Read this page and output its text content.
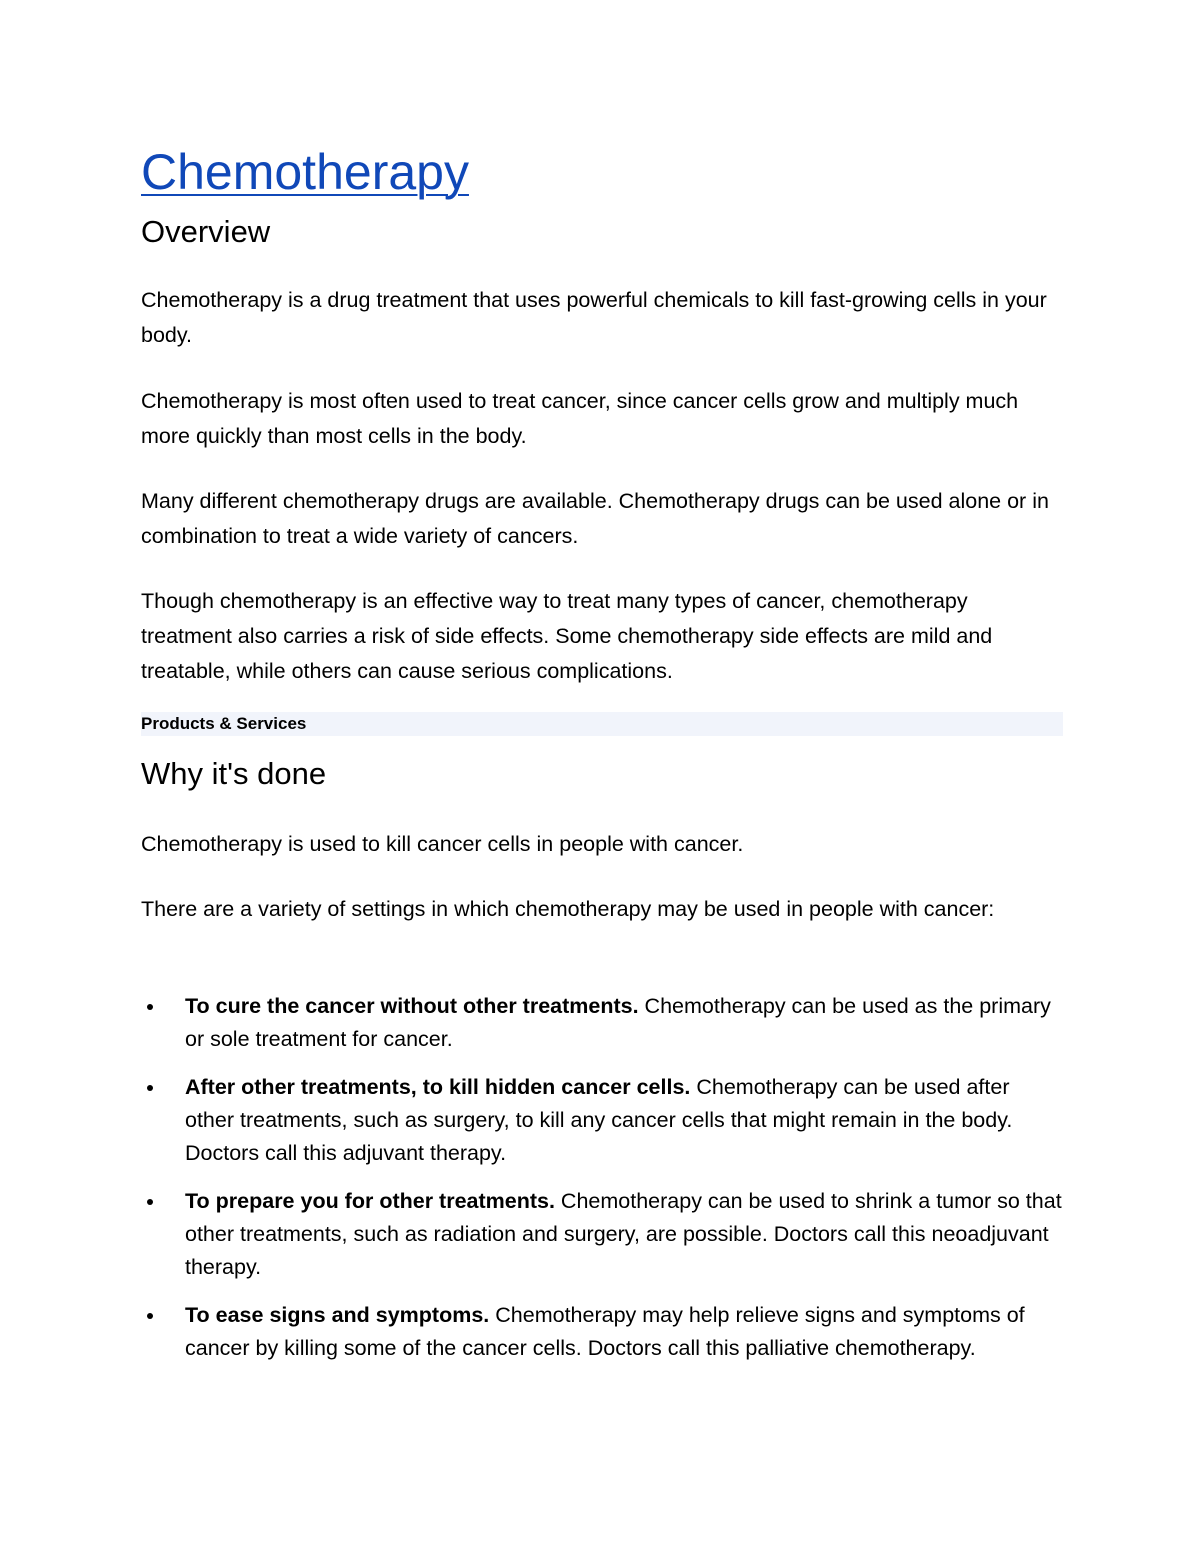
Chemotherapy
Overview

Chemotherapy is a drug treatment that uses powerful chemicals to kill fast-growing cells in your body.

Chemotherapy is most often used to treat cancer, since cancer cells grow and multiply much more quickly than most cells in the body.

Many different chemotherapy drugs are available. Chemotherapy drugs can be used alone or in combination to treat a wide variety of cancers.

Though chemotherapy is an effective way to treat many types of cancer, chemotherapy treatment also carries a risk of side effects. Some chemotherapy side effects are mild and treatable, while others can cause serious complications.

Products & Services
Why it's done

Chemotherapy is used to kill cancer cells in people with cancer.

There are a variety of settings in which chemotherapy may be used in people with cancer:

To cure the cancer without other treatments. Chemotherapy can be used as the primary or sole treatment for cancer.
After other treatments, to kill hidden cancer cells. Chemotherapy can be used after other treatments, such as surgery, to kill any cancer cells that might remain in the body. Doctors call this adjuvant therapy.
To prepare you for other treatments. Chemotherapy can be used to shrink a tumor so that other treatments, such as radiation and surgery, are possible. Doctors call this neoadjuvant therapy.
To ease signs and symptoms. Chemotherapy may help relieve signs and symptoms of cancer by killing some of the cancer cells. Doctors call this palliative chemotherapy.
